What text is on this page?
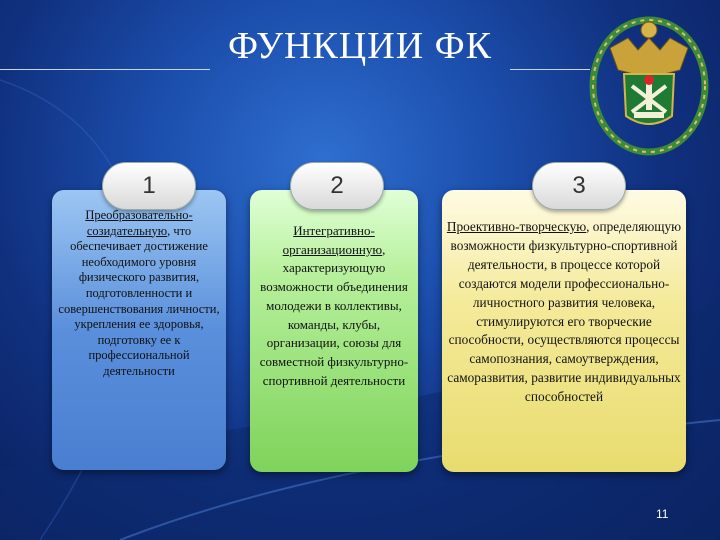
ФУНКЦИИ ФК
1
Преобразовательно-созидательную, что обеспечивает достижение необходимого уровня физического развития, подготовленности и совершенствования личности, укрепления ее здоровья, подготовку ее к профессиональной деятельности
2
Интегративно-организационную, характеризующую возможности объединения молодежи в коллективы, команды, клубы, организации, союзы для совместной физкультурно-спортивной деятельности
3
Проективно-творческую, определяющую возможности физкультурно-спортивной деятельности, в процессе которой создаются модели профессионально-личностного развития человека, стимулируются его творческие способности, осуществляются процессы самопознания, самоутверждения, саморазвития, развитие индивидуальных способностей
11
